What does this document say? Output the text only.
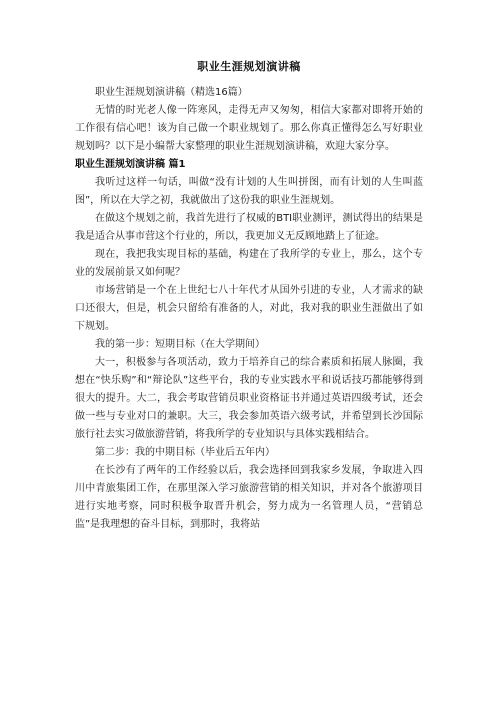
职业生涯规划演讲稿

职业生涯规划演讲稿（精选16篇）

无情的时光老人像一阵寒风，走得无声又匆匆，相信大家都对即将开始的工作很有信心吧！该为自己做一个职业规划了。那么你真正懂得怎么写好职业规划吗？以下是小编帮大家整理的职业生涯规划演讲稿，欢迎大家分享。

职业生涯规划演讲稿 篇1

我听过这样一句话，叫做“没有计划的人生叫拼图，而有计划的人生叫蓝图”，所以在大学之初，我就做出了这份我的职业生涯规划。

在做这个规划之前，我首先进行了权威的BTI职业测评，测试得出的结果是我是适合从事市营这个行业的，所以，我更加义无反顾地踏上了征途。

现在，我把我实现目标的基础，构建在了我所学的专业上，那么，这个专业的发展前景又如何呢？

市场营销是一个在上世纪七八十年代才从国外引进的专业，人才需求的缺口还很大，但是，机会只留给有准备的人，对此，我对我的职业生涯做出了如下规划。

我的第一步：短期目标（在大学期间）

大一，积极参与各项活动，致力于培养自己的综合素质和拓展人脉圈，我想在“快乐购”和“辩论队”这些平台，我的专业实践水平和说话技巧都能够得到很大的提升。大二，我会考取营销员职业资格证书并通过英语四级考试，还会做一些与专业对口的兼职。大三，我会参加英语六级考试，并希望到长沙国际旅行社去实习做旅游营销，将我所学的专业知识与具体实践相结合。

第二步：我的中期目标（毕业后五年内）

在长沙有了两年的工作经验以后，我会选择回到我家乡发展，争取进入四川中青旅集团工作，在那里深入学习旅游营销的相关知识，并对各个旅游项目进行实地考察，同时积极争取晋升机会，努力成为一名管理人员，“营销总监”是我理想的奋斗目标，到那时，我将站
